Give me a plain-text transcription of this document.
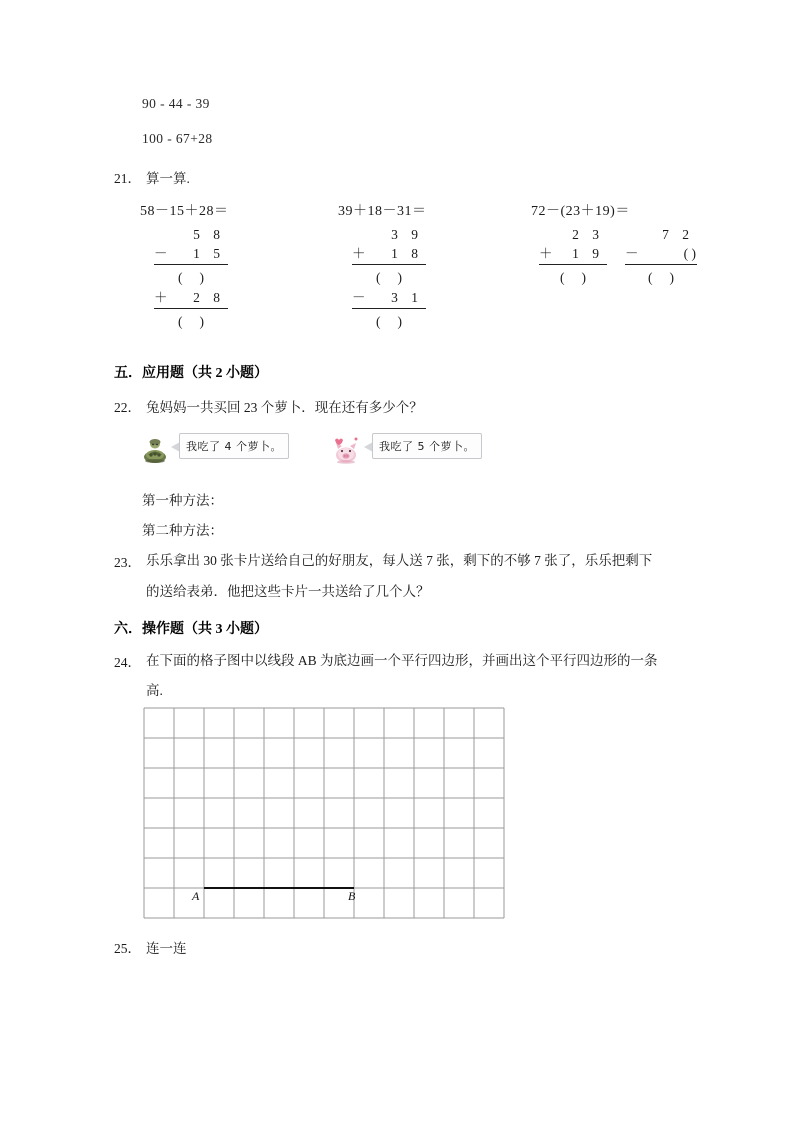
90 - 44 - 39
100 - 67+28
21． 算一算.
58－15＋28＝
5 8
－	1 5
( )
＋	2 8
( )
39＋18－31＝
3 9
＋	1 8
( )
－	3 1
( )
72－(23＋19)＝
2 3
＋	1 9
( )
7 2
－	( )
( )
五．应用题（共 2 小题）
22． 兔妈妈一共买回 23 个萝卜．现在还有多少个？
我吃了 4 个萝卜。	我吃了 5 个萝卜。
第一种方法：
第二种方法：
23． 乐乐拿出 30 张卡片送给自己的好朋友，每人送 7 张，剩下的不够 7 张了，乐乐把剩下
的送给表弟．他把这些卡片一共送给了几个人？
六．操作题（共 3 小题）
24． 在下面的格子图中以线段 AB 为底边画一个平行四边形，并画出这个平行四边形的一条
高.
A	B
25． 连一连
